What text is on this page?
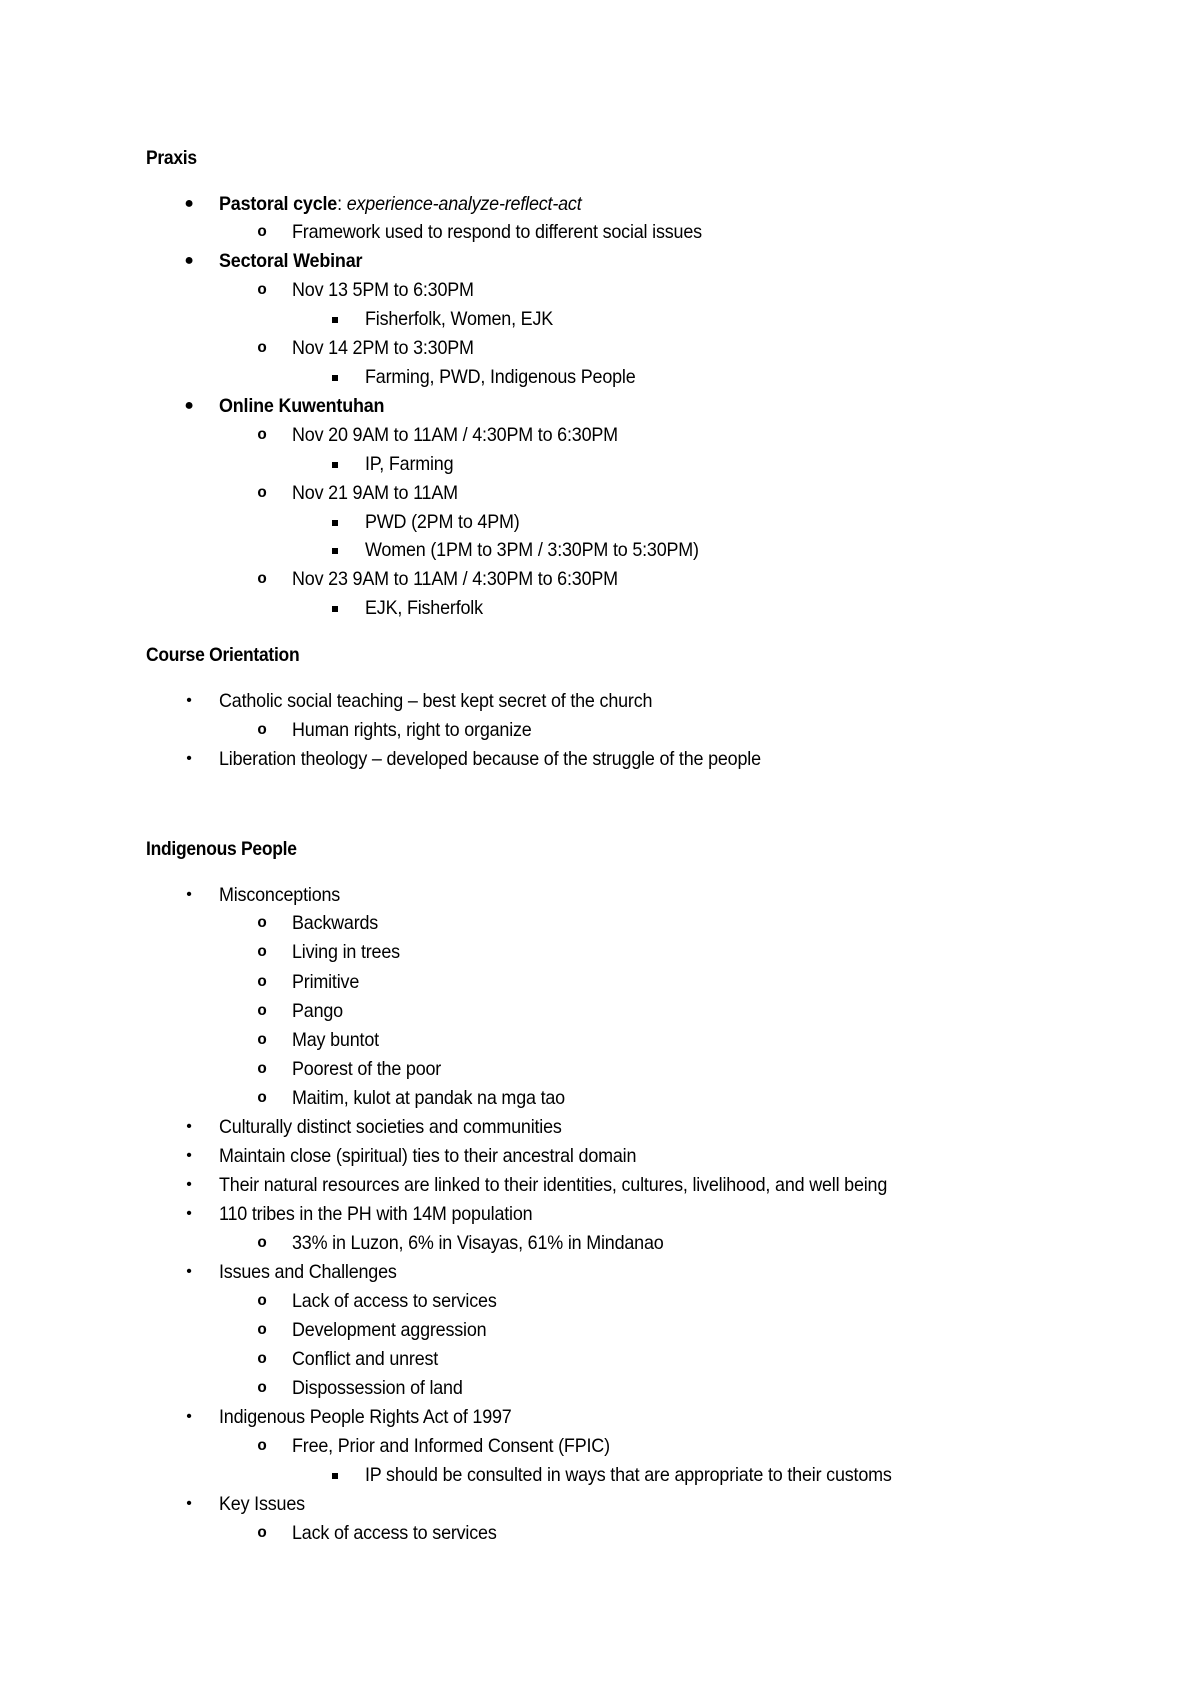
Praxis
●	Pastoral cycle: experience-analyze-reflect-act
o	Framework used to respond to different social issues
●	Sectoral Webinar
o	Nov 13 5PM to 6:30PM
Fisherfolk, Women, EJK
o	Nov 14 2PM to 3:30PM
Farming, PWD, Indigenous People
●	Online Kuwentuhan
o	Nov 20 9AM to 11AM / 4:30PM to 6:30PM
IP, Farming
o	Nov 21 9AM to 11AM
PWD (2PM to 4PM)
Women (1PM to 3PM / 3:30PM to 5:30PM)
o	Nov 23 9AM to 11AM / 4:30PM to 6:30PM
EJK, Fisherfolk
Course Orientation
•	Catholic social teaching – best kept secret of the church
o	Human rights, right to organize
•	Liberation theology – developed because of the struggle of the people
Indigenous People
•	Misconceptions
o	Backwards
o	Living in trees
o	Primitive
o	Pango
o	May buntot
o	Poorest of the poor
o	Maitim, kulot at pandak na mga tao
•	Culturally distinct societies and communities
•	Maintain close (spiritual) ties to their ancestral domain
•	Their natural resources are linked to their identities, cultures, livelihood, and well being
•	110 tribes in the PH with 14M population
o	33% in Luzon, 6% in Visayas, 61% in Mindanao
•	Issues and Challenges
o	Lack of access to services
o	Development aggression
o	Conflict and unrest
o	Dispossession of land
•	Indigenous People Rights Act of 1997
o	Free, Prior and Informed Consent (FPIC)
IP should be consulted in ways that are appropriate to their customs
•	Key Issues
o	Lack of access to services
